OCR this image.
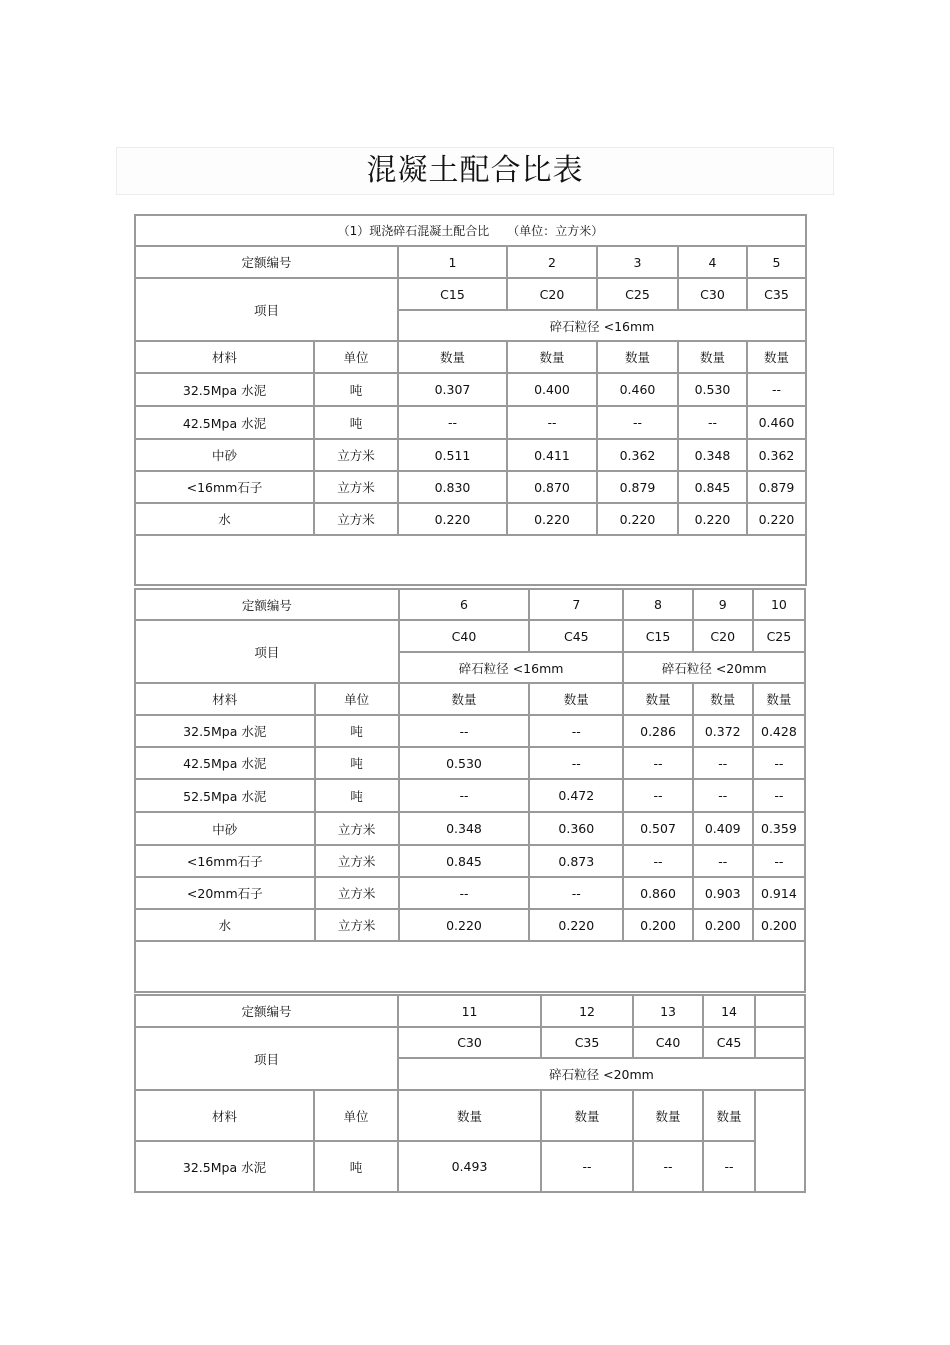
混凝土配合比表
（1）现浇碎石混凝土配合比　　（单位：立方米）						
定额编号		1	2	3	4	5
项目		C15	C20	C25	C30	C35
		碎石粒径 <16mm				
材料	单位	数量	数量	数量	数量	数量
32.5Mpa 水泥	吨	0.307	0.400	0.460	0.530	--
42.5Mpa 水泥	吨	--	--	--	--	0.460
中砂	立方米	0.511	0.411	0.362	0.348	0.362
<16mm石子	立方米	0.830	0.870	0.879	0.845	0.879
水	立方米	0.220	0.220	0.220	0.220	0.220

定额编号		6	7	8	9	10
项目		C40	C45	C15	C20	C25
		碎石粒径 <16mm		碎石粒径 <20mm		
材料	单位	数量	数量	数量	数量	数量
32.5Mpa 水泥	吨	--	--	0.286	0.372	0.428
42.5Mpa 水泥	吨	0.530	--	--	--	--
52.5Mpa 水泥	吨	--	0.472	--	--	--
中砂	立方米	0.348	0.360	0.507	0.409	0.359
<16mm石子	立方米	0.845	0.873	--	--	--
<20mm石子	立方米	--	--	0.860	0.903	0.914
水	立方米	0.220	0.220	0.200	0.200	0.200

定额编号		11	12	13	14	
项目		C30	C35	C40	C45	
		碎石粒径 <20mm				
材料	单位	数量	数量	数量	数量	
32.5Mpa 水泥	吨	0.493	--	--	--	
